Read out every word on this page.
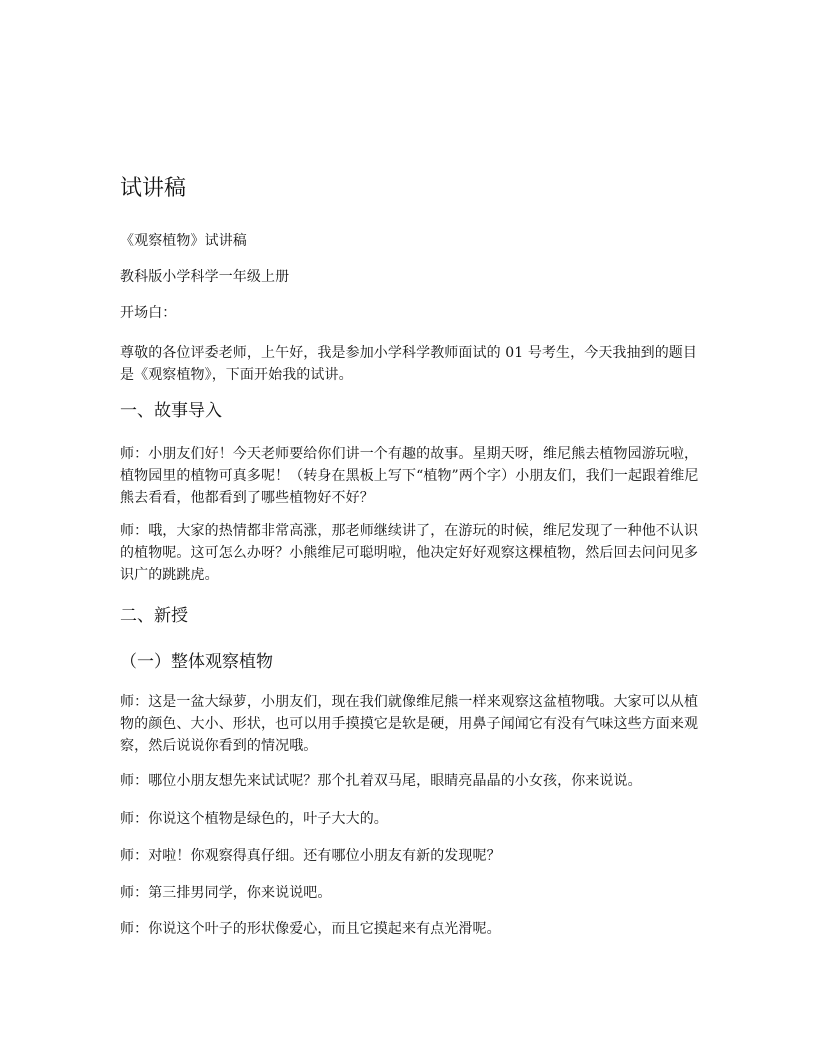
试讲稿

《观察植物》试讲稿

教科版小学科学一年级上册

开场白：

尊敬的各位评委老师，上午好，我是参加小学科学教师面试的 01 号考生，今天我抽到的题目是《观察植物》，下面开始我的试讲。

一、故事导入

师：小朋友们好！今天老师要给你们讲一个有趣的故事。星期天呀，维尼熊去植物园游玩啦，植物园里的植物可真多呢！（转身在黑板上写下“植物”两个字）小朋友们，我们一起跟着维尼熊去看看，他都看到了哪些植物好不好？

师：哦，大家的热情都非常高涨，那老师继续讲了，在游玩的时候，维尼发现了一种他不认识的植物呢。这可怎么办呀？小熊维尼可聪明啦，他决定好好观察这棵植物，然后回去问问见多识广的跳跳虎。

二、新授
（一）整体观察植物

师：这是一盆大绿萝，小朋友们，现在我们就像维尼熊一样来观察这盆植物哦。大家可以从植物的颜色、大小、形状，也可以用手摸摸它是软是硬，用鼻子闻闻它有没有气味这些方面来观察，然后说说你看到的情况哦。

师：哪位小朋友想先来试试呢？那个扎着双马尾，眼睛亮晶晶的小女孩，你来说说。

师：你说这个植物是绿色的，叶子大大的。

师：对啦！你观察得真仔细。还有哪位小朋友有新的发现呢？

师：第三排男同学，你来说说吧。

师：你说这个叶子的形状像爱心，而且它摸起来有点光滑呢。
